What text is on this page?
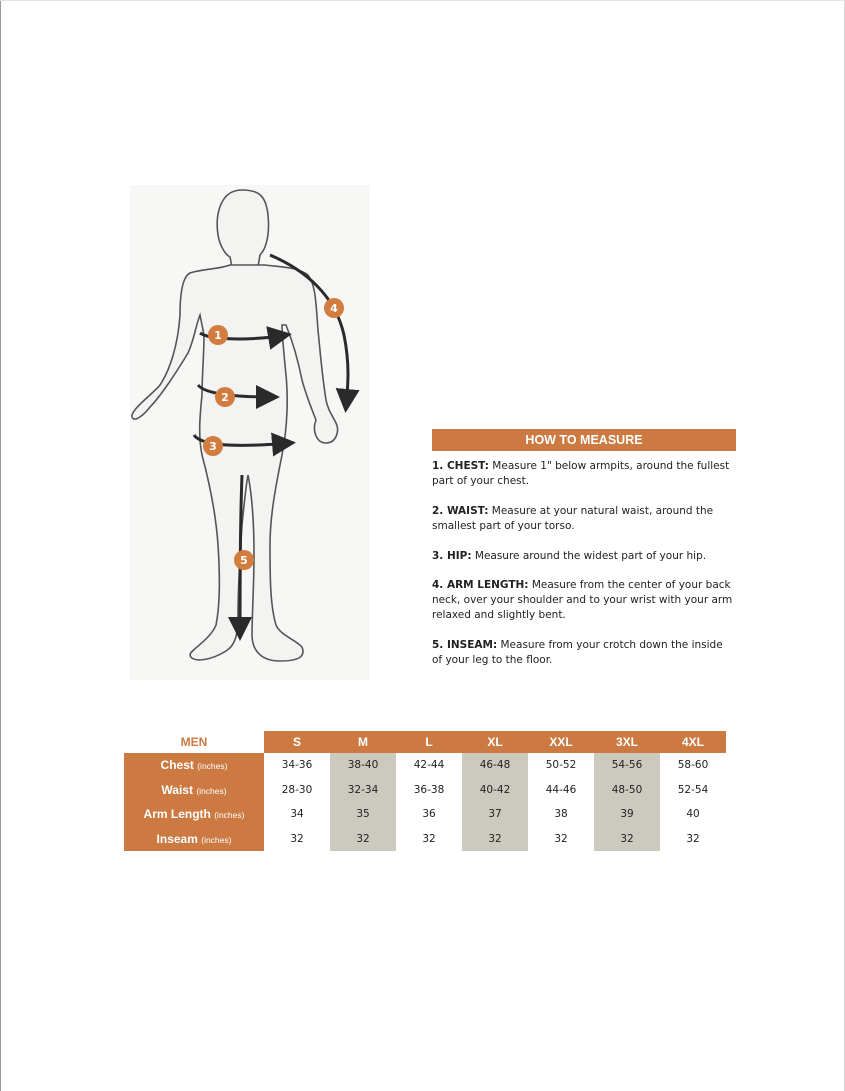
1
2
3
4
5
HOW TO MEASURE
1. CHEST: Measure 1" below armpits, around the fullest part of your chest.
2. WAIST: Measure at your natural waist, around the smallest part of your torso.
3. HIP: Measure around the widest part of your hip.
4. ARM LENGTH: Measure from the center of your back neck, over your shoulder and to your wrist with your arm relaxed and slightly bent.
5. INSEAM: Measure from your crotch down the inside of your leg to the floor.
MEN	S	M	L	XL	XXL	3XL	4XL
Chest (inches)	34-36	38-40	42-44	46-48	50-52	54-56	58-60
Waist (inches)	28-30	32-34	36-38	40-42	44-46	48-50	52-54
Arm Length (inches)	34	35	36	37	38	39	40
Inseam (inches)	32	32	32	32	32	32	32
